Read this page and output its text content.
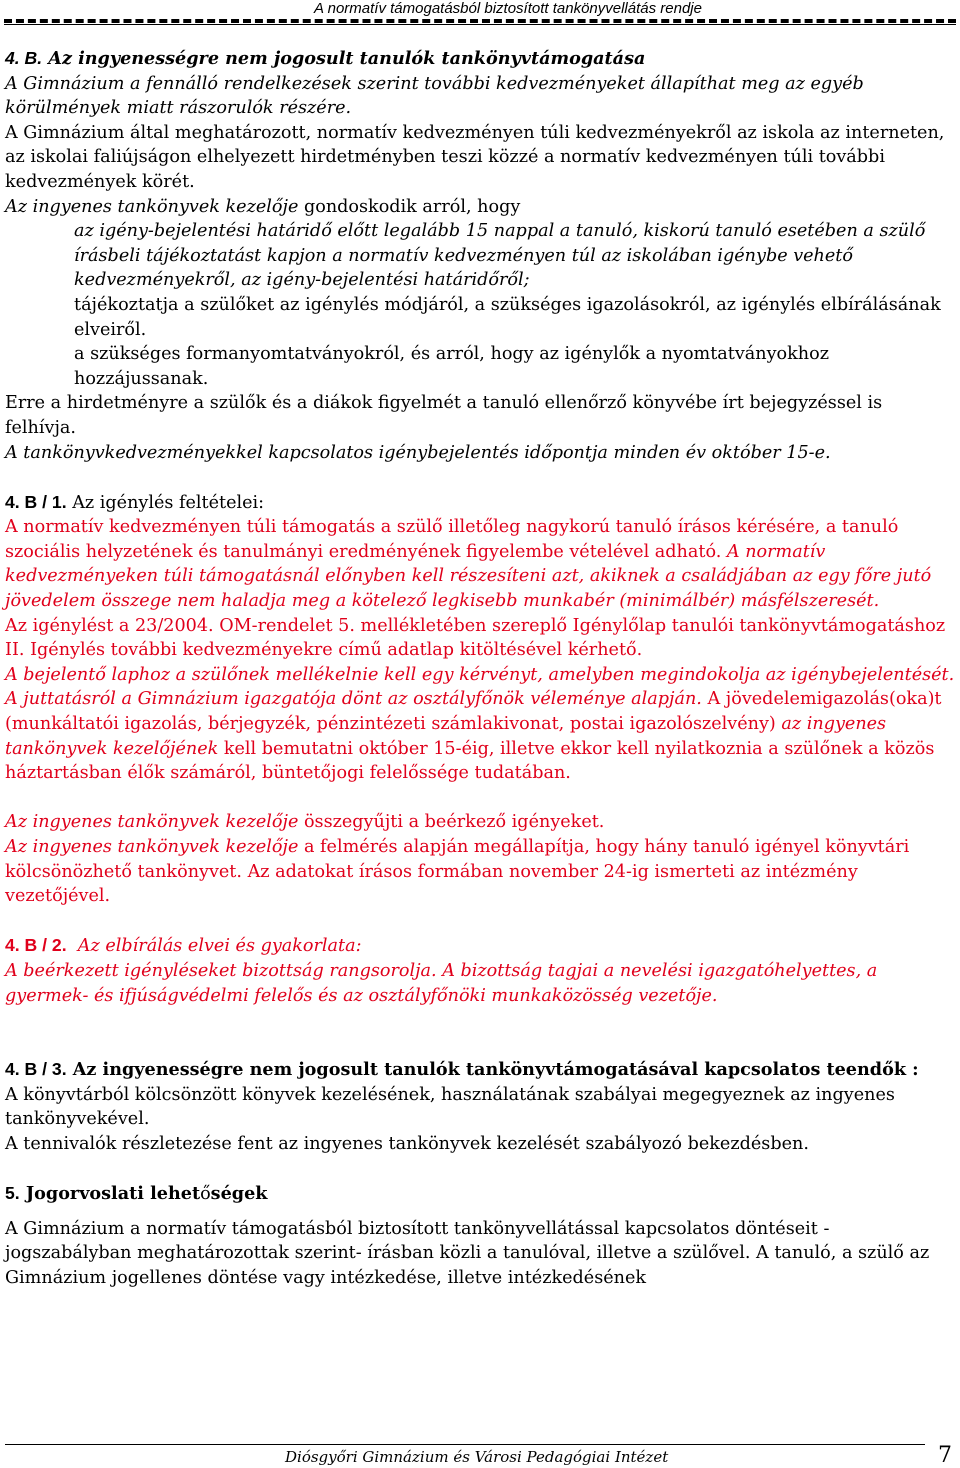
A normatív támogatásból biztosított tankönyvellátás rendje

4. B. Az ingyenességre nem jogosult tanulók tankönyvtámogatása

A Gimnázium a fennálló rendelkezések szerint további kedvezményeket állapíthat meg az egyéb körülmények miatt rászorulók részére.

A Gimnázium által meghatározott, normatív kedvezményen túli kedvezményekről az iskola az interneten, az iskolai faliújságon elhelyezett hirdetményben teszi közzé a normatív kedvezményen túli további kedvezmények körét.

Az ingyenes tankönyvek kezelője gondoskodik arról, hogy

az igény-bejelentési határidő előtt legalább 15 nappal a tanuló, kiskorú tanuló esetében a szülő írásbeli tájékoztatást kapjon a normatív kedvezményen túl az iskolában igénybe vehető kedvezményekről, az igény-bejelentési határidőről;

tájékoztatja a szülőket az igénylés módjáról, a szükséges igazolásokról, az igénylés elbírálásának elveiről.

a szükséges formanyomtatványokról, és arról, hogy az igénylők a nyomtatványokhoz hozzájussanak.

Erre a hirdetményre a szülők és a diákok figyelmét a tanuló ellenőrző könyvébe írt bejegyzéssel is felhívja.

A tankönyvkedvezményekkel kapcsolatos igénybejelentés időpontja minden év október 15-e.

4. B / 1. Az igénylés feltételei:

A normatív kedvezményen túli támogatás a szülő illetőleg nagykorú tanuló írásos kérésére, a tanuló szociális helyzetének és tanulmányi eredményének figyelembe vételével adható. A normatív kedvezményeken túli támogatásnál előnyben kell részesíteni azt, akiknek a családjában az egy főre jutó jövedelem összege nem haladja meg a kötelező legkisebb munkabér (minimálbér) másfélszeresét.

Az igénylést a 23/2004. OM-rendelet 5. mellékletében szereplő Igénylőlap tanulói tankönyvtámogatáshoz II. Igénylés további kedvezményekre című adatlap kitöltésével kérhető.

A bejelentő laphoz a szülőnek mellékelnie kell egy kérvényt, amelyben megindokolja az igénybejelentését. A juttatásról a Gimnázium igazgatója dönt az osztályfőnök véleménye alapján. A jövedelemigazolás(oka)t (munkáltatói igazolás, bérjegyzék, pénzintézeti számlakivonat, postai igazolószelvény) az ingyenes tankönyvek kezelőjének kell bemutatni október 15-éig, illetve ekkor kell nyilatkoznia a szülőnek a közös háztartásban élők számáról, büntetőjogi felelőssége tudatában.

Az ingyenes tankönyvek kezelője összegyűjti a beérkező igényeket.

Az ingyenes tankönyvek kezelője a felmérés alapján megállapítja, hogy hány tanuló igényel könyvtári kölcsönözhető tankönyvet. Az adatokat írásos formában november 24-ig ismerteti az intézmény vezetőjével.

4. B / 2. Az elbírálás elvei és gyakorlata:

A beérkezett igényléseket bizottság rangsorolja. A bizottság tagjai a nevelési igazgatóhelyettes, a gyermek- és ifjúságvédelmi felelős és az osztályfőnöki munkaközösség vezetője.

4. B / 3. Az ingyenességre nem jogosult tanulók tankönyvtámogatásával kapcsolatos teendők :

A könyvtárból kölcsönzött könyvek kezelésének, használatának szabályai megegyeznek az ingyenes tankönyvekével.

A tennivalók részletezése fent az ingyenes tankönyvek kezelését szabályozó bekezdésben.

5. Jogorvoslati lehetőségek

A Gimnázium a normatív támogatásból biztosított tankönyvellátással kapcsolatos döntéseit - jogszabályban meghatározottak szerint- írásban közli a tanulóval, illetve a szülővel. A tanuló, a szülő az Gimnázium jogellenes döntése vagy intézkedése, illetve intézkedésének

Diósgyőri Gimnázium és Városi Pedagógiai Intézet	7
